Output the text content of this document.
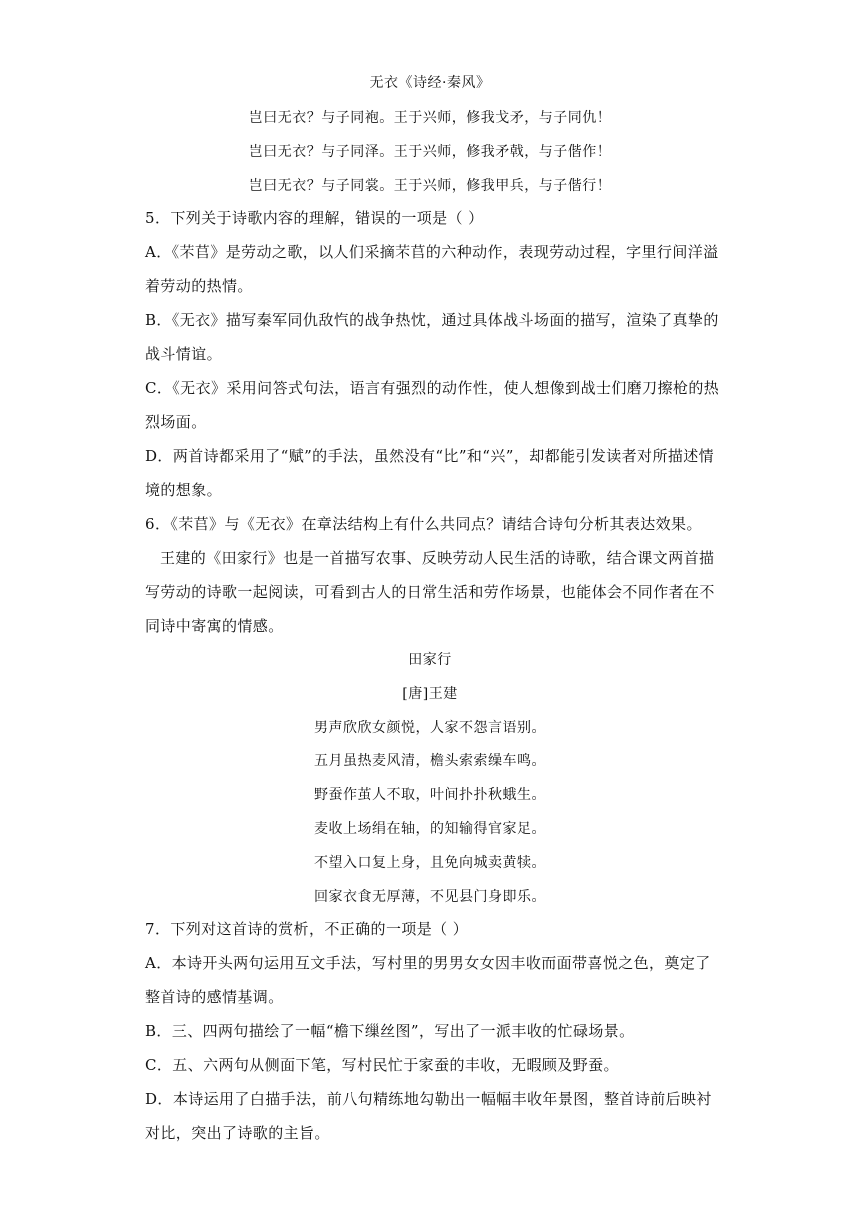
无衣《诗经·秦风》
岂曰无衣？与子同袍。王于兴师，修我戈矛，与子同仇！
岂曰无衣？与子同泽。王于兴师，修我矛戟，与子偕作！
岂曰无衣？与子同裳。王于兴师，修我甲兵，与子偕行！
5．下列关于诗歌内容的理解，错误的一项是（ ）
A．《芣苢》是劳动之歌，以人们采摘芣苢的六种动作，表现劳动过程，字里行间洋溢着劳动的热情。
B．《无衣》描写秦军同仇敌忾的战争热忱，通过具体战斗场面的描写，渲染了真挚的战斗情谊。
C．《无衣》采用问答式句法，语言有强烈的动作性，使人想像到战士们磨刀擦枪的热烈场面。
D．两首诗都采用了“赋”的手法，虽然没有“比”和“兴”，却都能引发读者对所描述情境的想象。
6．《芣苢》与《无衣》在章法结构上有什么共同点？请结合诗句分析其表达效果。
王建的《田家行》也是一首描写农事、反映劳动人民生活的诗歌，结合课文两首描写劳动的诗歌一起阅读，可看到古人的日常生活和劳作场景，也能体会不同作者在不同诗中寄寓的情感。
田家行
[唐]王建
男声欣欣女颜悦，人家不怨言语别。
五月虽热麦风清，檐头索索缲车鸣。
野蚕作茧人不取，叶间扑扑秋蛾生。
麦收上场绢在轴，的知输得官家足。
不望入口复上身，且免向城卖黄犊。
回家衣食无厚薄，不见县门身即乐。
7．下列对这首诗的赏析，不正确的一项是（ ）
A．本诗开头两句运用互文手法，写村里的男男女女因丰收而面带喜悦之色，奠定了整首诗的感情基调。
B．三、四两句描绘了一幅“檐下缫丝图”，写出了一派丰收的忙碌场景。
C．五、六两句从侧面下笔，写村民忙于家蚕的丰收，无暇顾及野蚕。
D．本诗运用了白描手法，前八句精练地勾勒出一幅幅丰收年景图，整首诗前后映衬对比，突出了诗歌的主旨。
